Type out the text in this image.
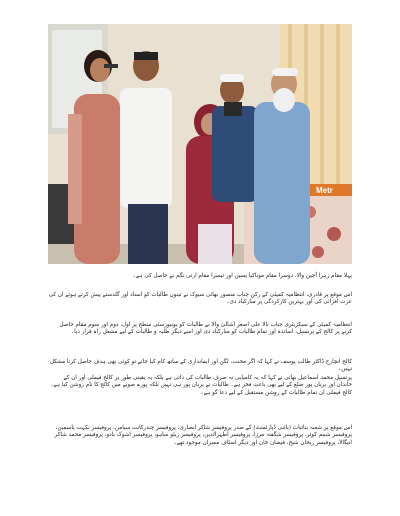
Metr

پہلا مقام زہرا آجین والا، دوسرا مقام موناکیا یسین اور تیسرا مقام ارتی نگم نے حاصل کی ہے۔

اس موقع پر قادری، انتظامیہ کمیٹی کے رکن جناب منصور بھائی سیوک نے تینوں طالبات کو اسناد اور گلدستے پیش کرتے ہوئے ان کی عزت افزائی کی اور بہترین کارکردگی پر مبارکباد دی۔

انتظامیہ کمیٹی کے سیکریٹری جناب نالا علی اصغر اشالیٰ والا نے طالبات کو یونیورسٹی سطح پر اول، دوم اور سوم مقام حاصل کرنے پر کالج کے پرنسپل، اساتذہ اور تمام طالبات کو مبارکباد دی اور اسے دیگر طلبہ و طالبات کے لیے مشعلِ راہ قرار دیا۔

کالج انچارج ڈاکٹر طالب یوسف نے کہا کہ اگر محنت، لگن اور ایمانداری کے ساتھ کام کیا جائے تو کوئی بھی ہدف حاصل کرنا مشکل نہیں۔

پرنسپل محمد اسماعیل بھائی نے کہا کہ یہ کامیابی نہ صرف طالبات کی ذاتی ہے بلکہ یہ یقینی طور پر کالج فیملی اور ان کے خاندان اور بربان پور ضلع کے لیے بھی باعثِ فخر ہے۔ طالبات نے بربان پور ہی نہیں بلکہ پورے صوبے میں کالج کا نام روشن کیا ہے۔ کالج فیملی ان تمام طالبات کے روشن مستقبل کے لیے دعا گو ہے۔

اس موقع پر شعبہ بنائنات (باٹنی ڈپارٹمنٹ) کے صدر پروفیسر شاکر انصاری، پروفیسر چندرکانت سیامن، پروفیسر نکہت یاسمین، پروفیسر شبنم کوثر، پروفیسر شگفتہ مرزا، پروفیسر اطہرالدین، پروفیسر ریٹو ساہو، پروفیسر اشوک یادو، پروفیسر محمد شاکر انیگالا، پروفیسر ریحان شیخ، فیضان خان اور دیگر اسٹاف ممبران موجود تھے۔
